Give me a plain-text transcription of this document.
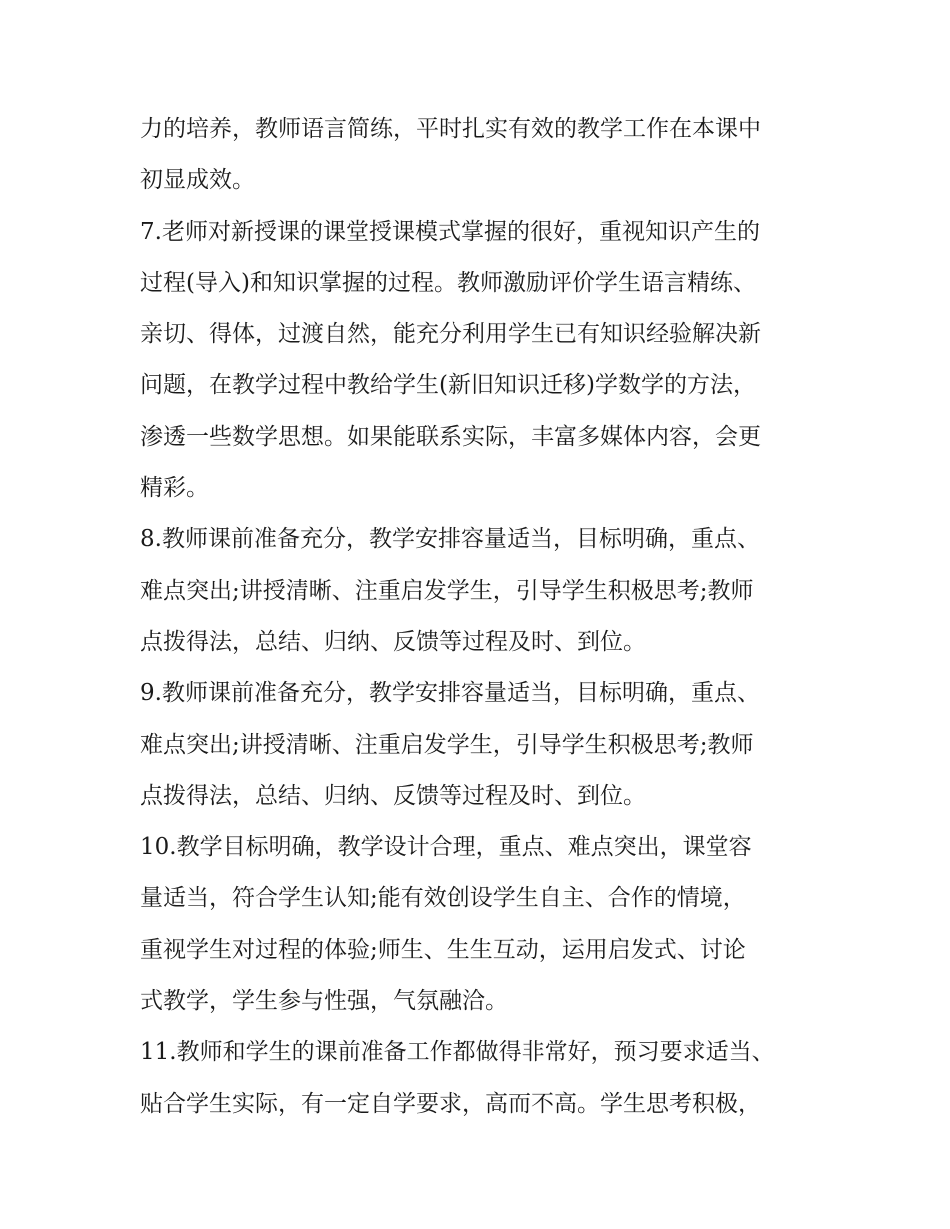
力的培养，教师语言简练，平时扎实有效的教学工作在本课中
初显成效。
7.老师对新授课的课堂授课模式掌握的很好，重视知识产生的
过程(导入)和知识掌握的过程。教师激励评价学生语言精练、
亲切、得体，过渡自然，能充分利用学生已有知识经验解决新
问题，在教学过程中教给学生(新旧知识迁移)学数学的方法，
渗透一些数学思想。如果能联系实际，丰富多媒体内容，会更
精彩。
8.教师课前准备充分，教学安排容量适当，目标明确，重点、
难点突出;讲授清晰、注重启发学生，引导学生积极思考;教师
点拨得法，总结、归纳、反馈等过程及时、到位。
9.教师课前准备充分，教学安排容量适当，目标明确，重点、
难点突出;讲授清晰、注重启发学生，引导学生积极思考;教师
点拨得法，总结、归纳、反馈等过程及时、到位。
10.教学目标明确，教学设计合理，重点、难点突出，课堂容
量适当，符合学生认知;能有效创设学生自主、合作的情境，
重视学生对过程的体验;师生、生生互动，运用启发式、讨论
式教学，学生参与性强，气氛融洽。
11.教师和学生的课前准备工作都做得非常好，预习要求适当、
贴合学生实际，有一定自学要求，高而不高。学生思考积极，
